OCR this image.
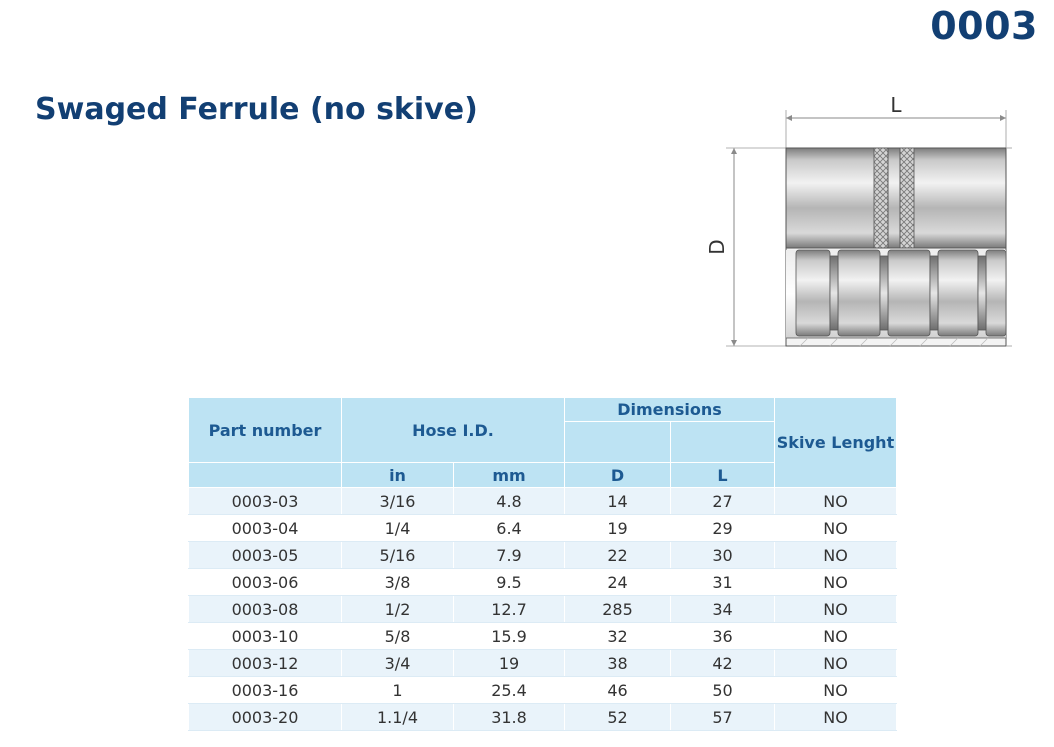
0003
Swaged Ferrule (no skive)	L
D
Part number	Hose I.D.		Dimensions		Skive Lenght

	in	mm	D	L	
0003-03	3/16	4.8	14	27	NO
0003-04	1/4	6.4	19	29	NO
0003-05	5/16	7.9	22	30	NO
0003-06	3/8	9.5	24	31	NO
0003-08	1/2	12.7	285	34	NO
0003-10	5/8	15.9	32	36	NO
0003-12	3/4	19	38	42	NO
0003-16	1	25.4	46	50	NO
0003-20	1.1/4	31.8	52	57	NO
